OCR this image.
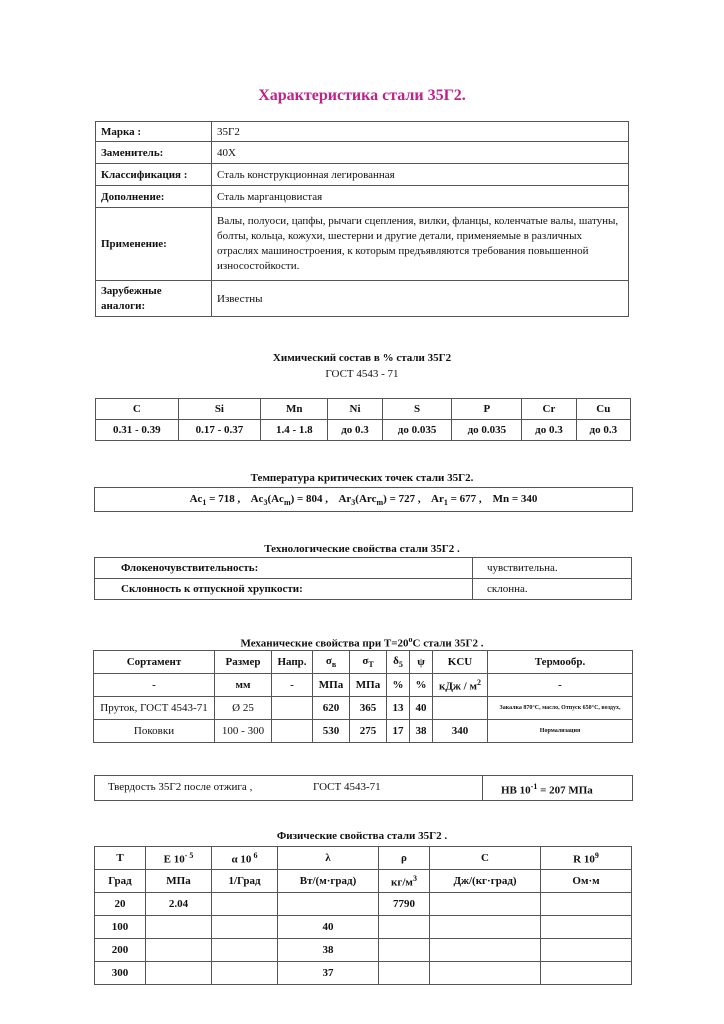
Характеристика стали 35Г2.
Марка :	35Г2
Заменитель:	40Х
Классификация :	Сталь конструкционная легированная
Дополнение:	Сталь марганцовистая
Применение:	Валы, полуоси, цапфы, рычаги сцепления, вилки, фланцы, коленчатые валы, шатуны, болты, кольца, кожухи, шестерни и другие детали, применяемые в различных отраслях машиностроения, к которым предъявляются требования повышенной износостойкости.
Зарубежные аналоги:	Известны
Химический состав в % стали 35Г2
ГОСТ 4543 - 71
C	Si	Mn	Ni	S	P	Cr	Cu
0.31 - 0.39	0.17 - 0.37	1.4 - 1.8	до 0.3	до 0.035	до 0.035	до 0.3	до 0.3
Температура критических точек стали 35Г2.
$Ac_1 = 718$ , $Ac_3(Ac_m) = 804$ , $Ar_3(Arc_m) = 727$ , $Ar_1 = 677$ , Mn = 340
Технологические свойства стали 35Г2 .
Флокеночувствительность:	чувствительна.
Склонность к отпускной хрупкости:	склонна.
Механические свойства при $Т=20^oС$ стали 35Г2 .
Сортамент	Размер	Напр.	$\sigma_в$	$\sigma_T$	$\delta_5$	ψ	KCU	Термообр.
-	мм	-	МПа	МПа	%	%	кДж / $м^2$	-
Пруток, ГОСТ 4543-71	Ø 25		620	365	13	40		Закалка 870°C, масло, Отпуск 650°C, воздух,
Поковки	100 - 300		530	275	17	38	340	Нормализация
Твердость 35Г2 после отжига ,	ГОСТ 4543-71	HB $10^{-1} = 207$ МПа
Физические свойства стали 35Г2 .
T	E $10^{- 5}$	α 10 $^6$	λ	ρ	C	R $10^9$
Град	МПа	1/Град	Вт/(м·град)	$кг/м^3$	Дж/(кг·град)	Ом·м
20	2.04			7790		
100			40			
200			38			
300			37			
